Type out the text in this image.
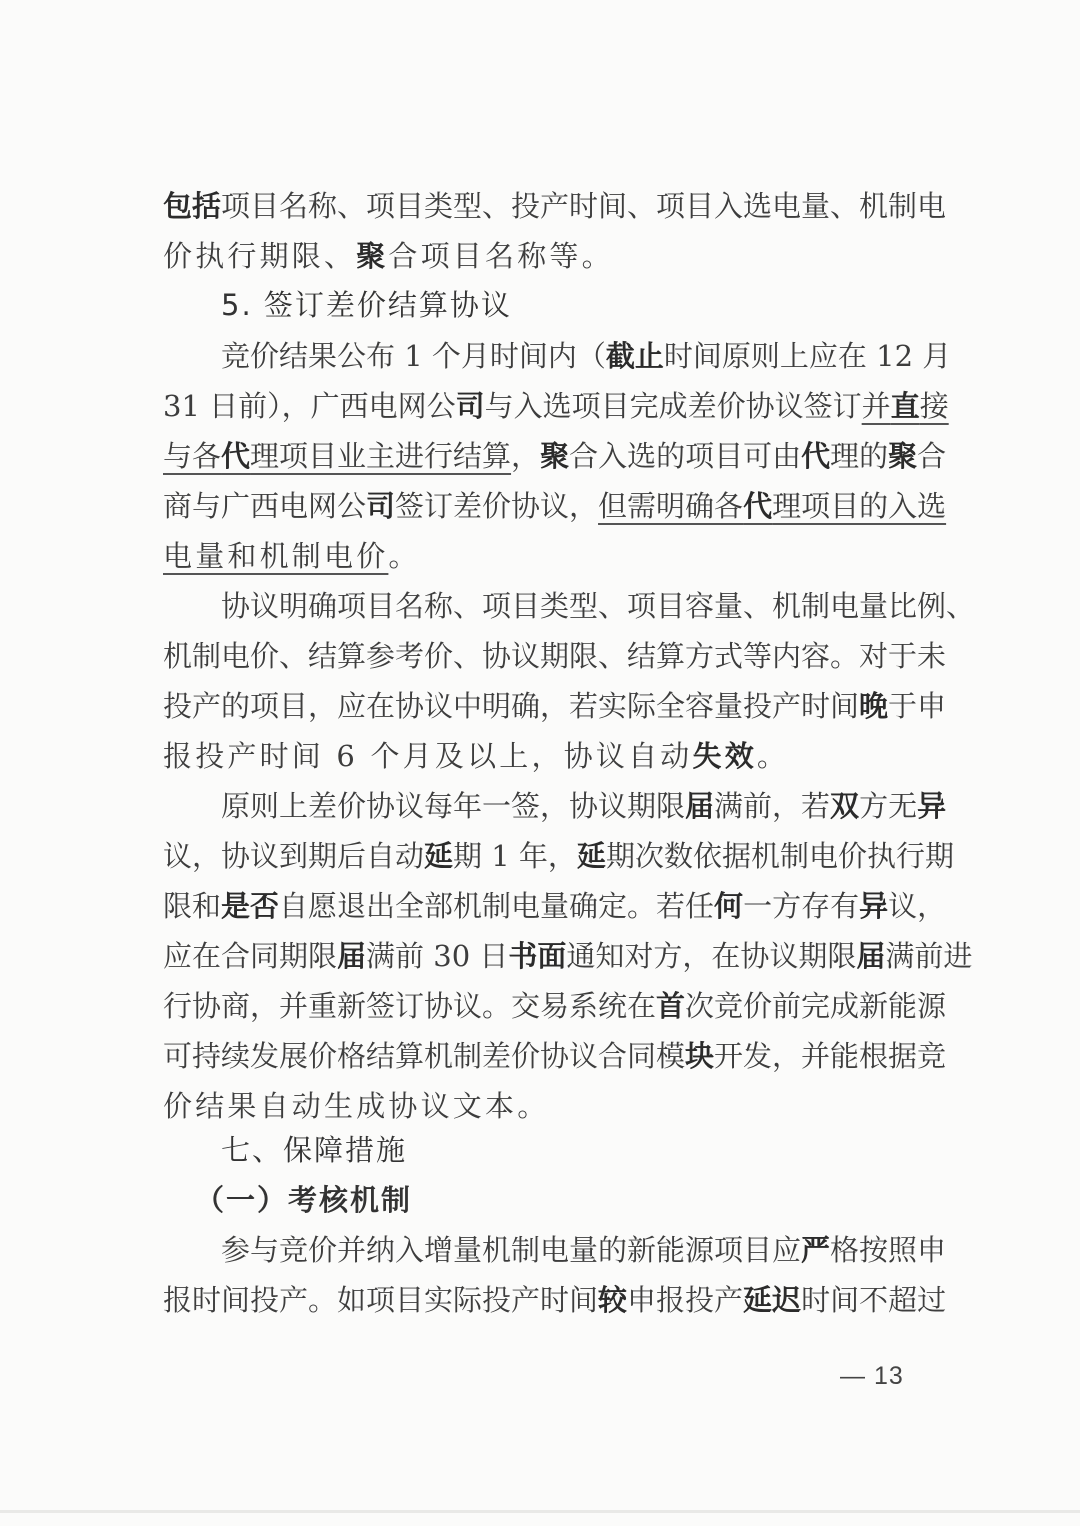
包括项目名称、项目类型、投产时间、项目入选电量、机制电
价执行期限、聚合项目名称等。
5. 签订差价结算协议
竞价结果公布 1 个月时间内（截止时间原则上应在 12 月
31 日前），广西电网公司与入选项目完成差价协议签订并直接
与各代理项目业主进行结算，聚合入选的项目可由代理的聚合
商与广西电网公司签订差价协议，但需明确各代理项目的入选
电量和机制电价。
协议明确项目名称、项目类型、项目容量、机制电量比例、
机制电价、结算参考价、协议期限、结算方式等内容。对于未
投产的项目，应在协议中明确，若实际全容量投产时间晚于申
报投产时间 6 个月及以上，协议自动失效。
原则上差价协议每年一签，协议期限届满前，若双方无异
议，协议到期后自动延期 1 年，延期次数依据机制电价执行期
限和是否自愿退出全部机制电量确定。若任何一方存有异议，
应在合同期限届满前 30 日书面通知对方，在协议期限届满前进
行协商，并重新签订协议。交易系统在首次竞价前完成新能源
可持续发展价格结算机制差价协议合同模块开发，并能根据竞
价结果自动生成协议文本。
七、保障措施
（一）考核机制
参与竞价并纳入增量机制电量的新能源项目应严格按照申
报时间投产。如项目实际投产时间较申报投产延迟时间不超过
— 13
